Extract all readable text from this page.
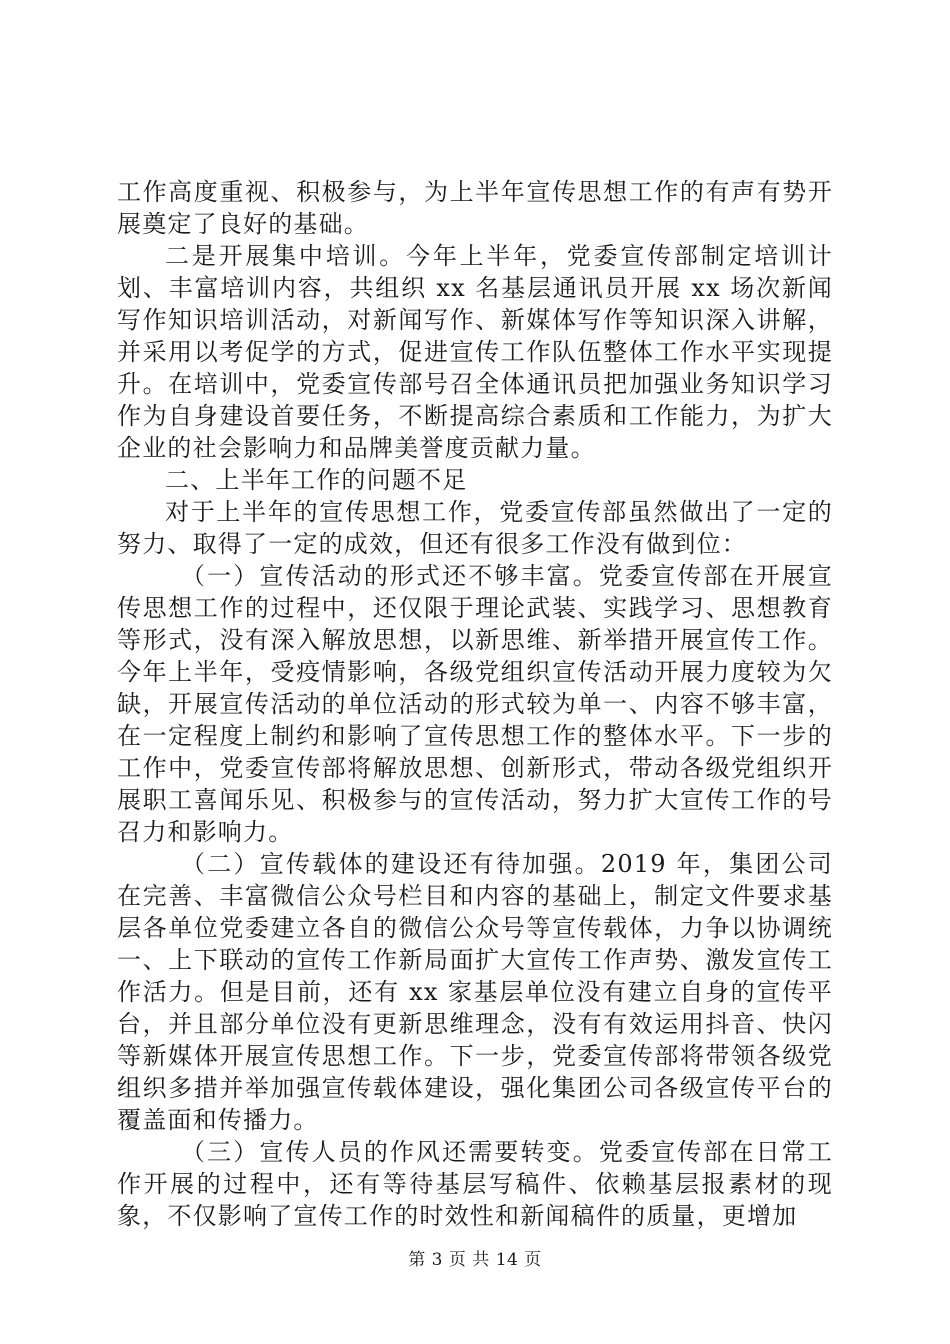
工作高度重视、积极参与，为上半年宣传思想工作的有声有势开展奠定了良好的基础。

二是开展集中培训。今年上半年，党委宣传部制定培训计划、丰富培训内容，共组织 xx 名基层通讯员开展 xx 场次新闻写作知识培训活动，对新闻写作、新媒体写作等知识深入讲解，并采用以考促学的方式，促进宣传工作队伍整体工作水平实现提升。在培训中，党委宣传部号召全体通讯员把加强业务知识学习作为自身建设首要任务，不断提高综合素质和工作能力，为扩大企业的社会影响力和品牌美誉度贡献力量。

二、上半年工作的问题不足

对于上半年的宣传思想工作，党委宣传部虽然做出了一定的努力、取得了一定的成效，但还有很多工作没有做到位：

（一）宣传活动的形式还不够丰富。党委宣传部在开展宣传思想工作的过程中，还仅限于理论武装、实践学习、思想教育等形式，没有深入解放思想，以新思维、新举措开展宣传工作。今年上半年，受疫情影响，各级党组织宣传活动开展力度较为欠缺，开展宣传活动的单位活动的形式较为单一、内容不够丰富，在一定程度上制约和影响了宣传思想工作的整体水平。下一步的工作中，党委宣传部将解放思想、创新形式，带动各级党组织开展职工喜闻乐见、积极参与的宣传活动，努力扩大宣传工作的号召力和影响力。

（二）宣传载体的建设还有待加强。2019 年，集团公司在完善、丰富微信公众号栏目和内容的基础上，制定文件要求基层各单位党委建立各自的微信公众号等宣传载体，力争以协调统一、上下联动的宣传工作新局面扩大宣传工作声势、激发宣传工作活力。但是目前，还有 xx 家基层单位没有建立自身的宣传平台，并且部分单位没有更新思维理念，没有有效运用抖音、快闪等新媒体开展宣传思想工作。下一步，党委宣传部将带领各级党组织多措并举加强宣传载体建设，强化集团公司各级宣传平台的覆盖面和传播力。

（三）宣传人员的作风还需要转变。党委宣传部在日常工作开展的过程中，还有等待基层写稿件、依赖基层报素材的现象，不仅影响了宣传工作的时效性和新闻稿件的质量，更增加

第 3 页 共 14 页
